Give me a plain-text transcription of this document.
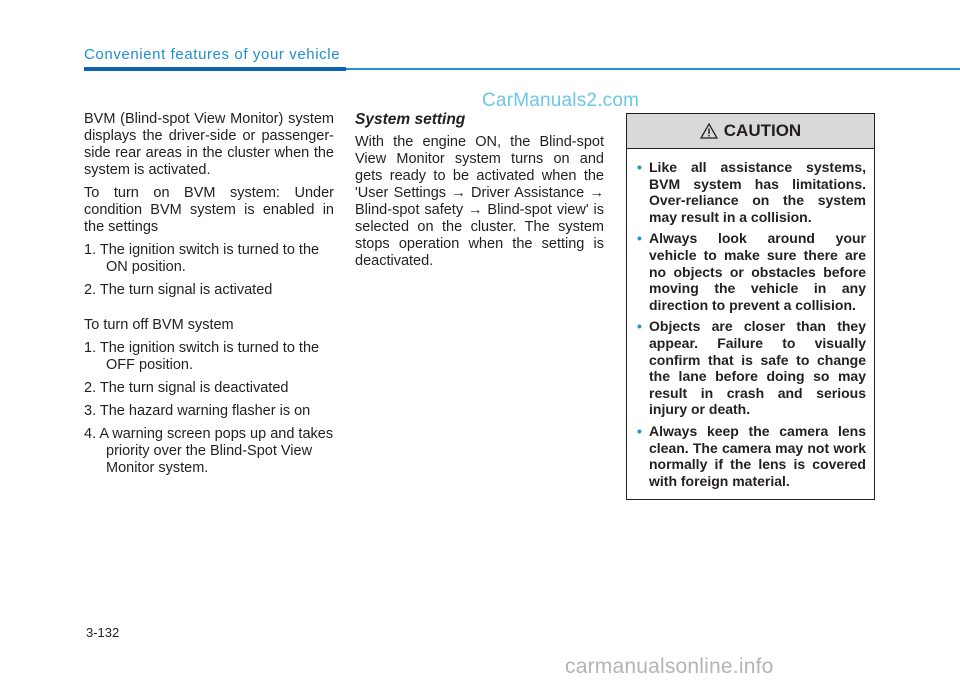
Convenient features of your vehicle
CarManuals2.com

BVM (Blind-spot View Monitor) system displays the driver-side or passenger-side rear areas in the cluster when the system is activated.

To turn on BVM system: Under condition BVM system is enabled in the settings

1. The ignition switch is turned to the ON position.
2. The turn signal is activated

To turn off BVM system

1. The ignition switch is turned to the OFF position.
2. The turn signal is deactivated
3. The hazard warning flasher is on
4. A warning screen pops up and takes priority over the Blind-Spot View Monitor system.
System setting

With the engine ON, the Blind-spot View Monitor system turns on and gets ready to be activated when the 'User Settings → Driver Assistance → Blind-spot safety → Blind-spot view' is selected on the cluster. The system stops operation when the setting is deactivated.

CAUTION
• Like all assistance systems, BVM system has limitations. Over-reliance on the system may result in a collision.
• Always look around your vehicle to make sure there are no objects or obstacles before moving the vehicle in any direction to prevent a collision.
• Objects are closer than they appear. Failure to visually confirm that is safe to change the lane before doing so may result in crash and serious injury or death.
• Always keep the camera lens clean. The camera may not work normally if the lens is covered with foreign material.
3-132
carmanualsonline.info
